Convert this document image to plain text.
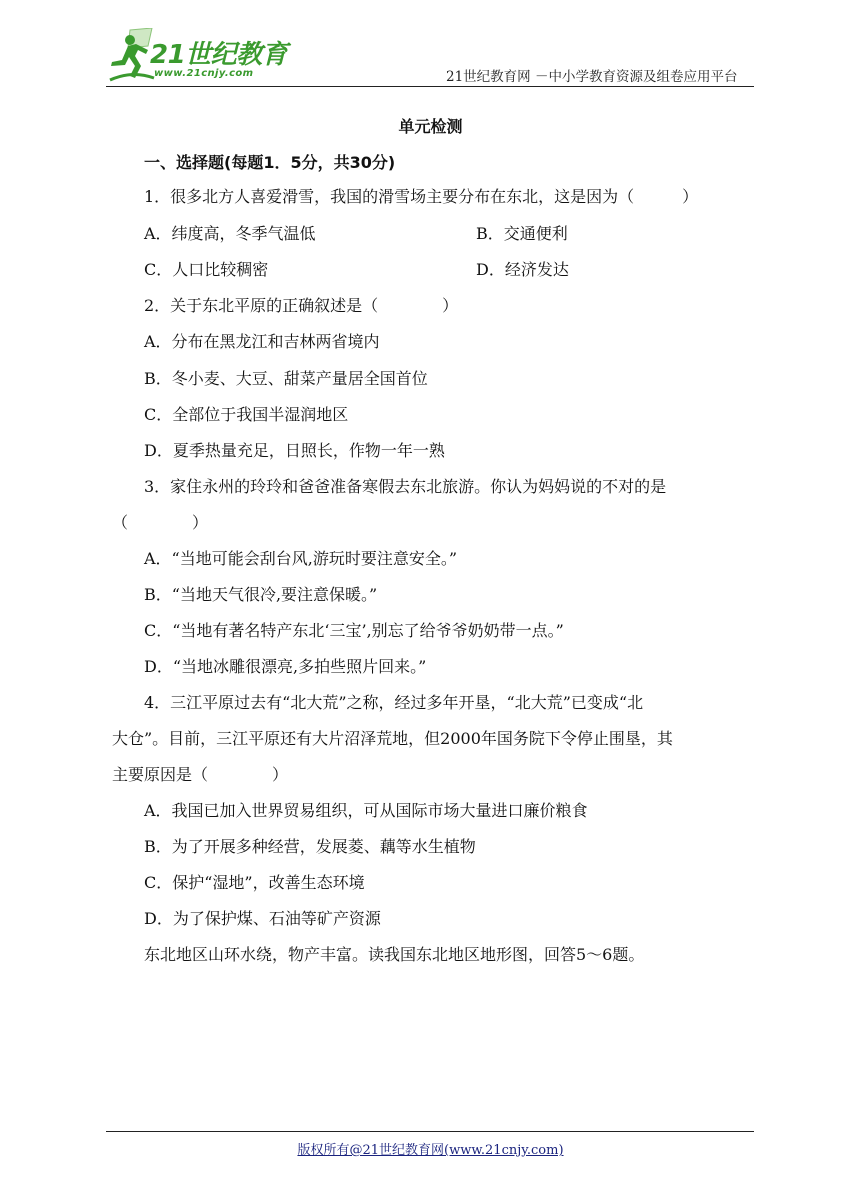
21世纪教育
www.21cnjy.com	21世纪教育网 －中小学教育资源及组卷应用平台
单元检测
一、选择题(每题1．5分，共30分)
1．很多北方人喜爱滑雪，我国的滑雪场主要分布在东北，这是因为（　　　）
A．纬度高，冬季气温低	B．交通便利
C．人口比较稠密	D．经济发达
2．关于东北平原的正确叙述是（　　　　）
A．分布在黑龙江和吉林两省境内
B．冬小麦、大豆、甜菜产量居全国首位
C．全部位于我国半湿润地区
D．夏季热量充足，日照长，作物一年一熟
3．家住永州的玲玲和爸爸准备寒假去东北旅游。你认为妈妈说的不对的是
（　　　　）
A．“当地可能会刮台风,游玩时要注意安全。”
B．“当地天气很冷,要注意保暖。”
C．“当地有著名特产东北‘三宝’,别忘了给爷爷奶奶带一点。”
D．“当地冰雕很漂亮,多拍些照片回来。”
4．三江平原过去有“北大荒”之称，经过多年开垦，“北大荒”已变成“北
大仓”。目前，三江平原还有大片沼泽荒地，但2000年国务院下令停止围垦，其
主要原因是（　　　　）
A．我国已加入世界贸易组织，可从国际市场大量进口廉价粮食
B．为了开展多种经营，发展菱、藕等水生植物
C．保护“湿地”，改善生态环境
D．为了保护煤、石油等矿产资源
东北地区山环水绕，物产丰富。读我国东北地区地形图，回答5～6题。
版权所有@21世纪教育网(www.21cnjy.com)
